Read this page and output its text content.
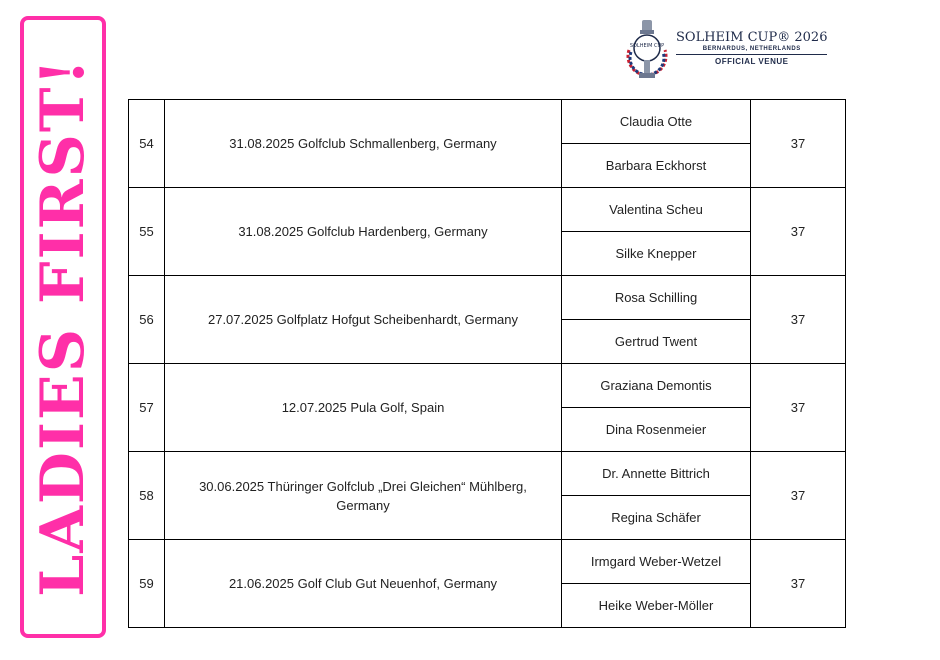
LADIES FIRST!
SOLHEIM CUP
SOLHEIM CUP® 2026
BERNARDUS, NETHERLANDS
OFFICIAL VENUE
54	31.08.2025 Golfclub Schmallenberg, Germany	Claudia Otte	37
		Barbara Eckhorst	
55	31.08.2025 Golfclub Hardenberg, Germany	Valentina Scheu	37
		Silke Knepper	
56	27.07.2025 Golfplatz Hofgut Scheibenhardt, Germany	Rosa Schilling	37
		Gertrud Twent	
57	12.07.2025 Pula Golf, Spain	Graziana Demontis	37
		Dina Rosenmeier	
58	30.06.2025 Thüringer Golfclub „Drei Gleichen“ Mühlberg, Germany	Dr. Annette Bittrich	37
		Regina Schäfer	
59	21.06.2025 Golf Club Gut Neuenhof, Germany	Irmgard Weber-Wetzel	37
		Heike Weber-Möller	
